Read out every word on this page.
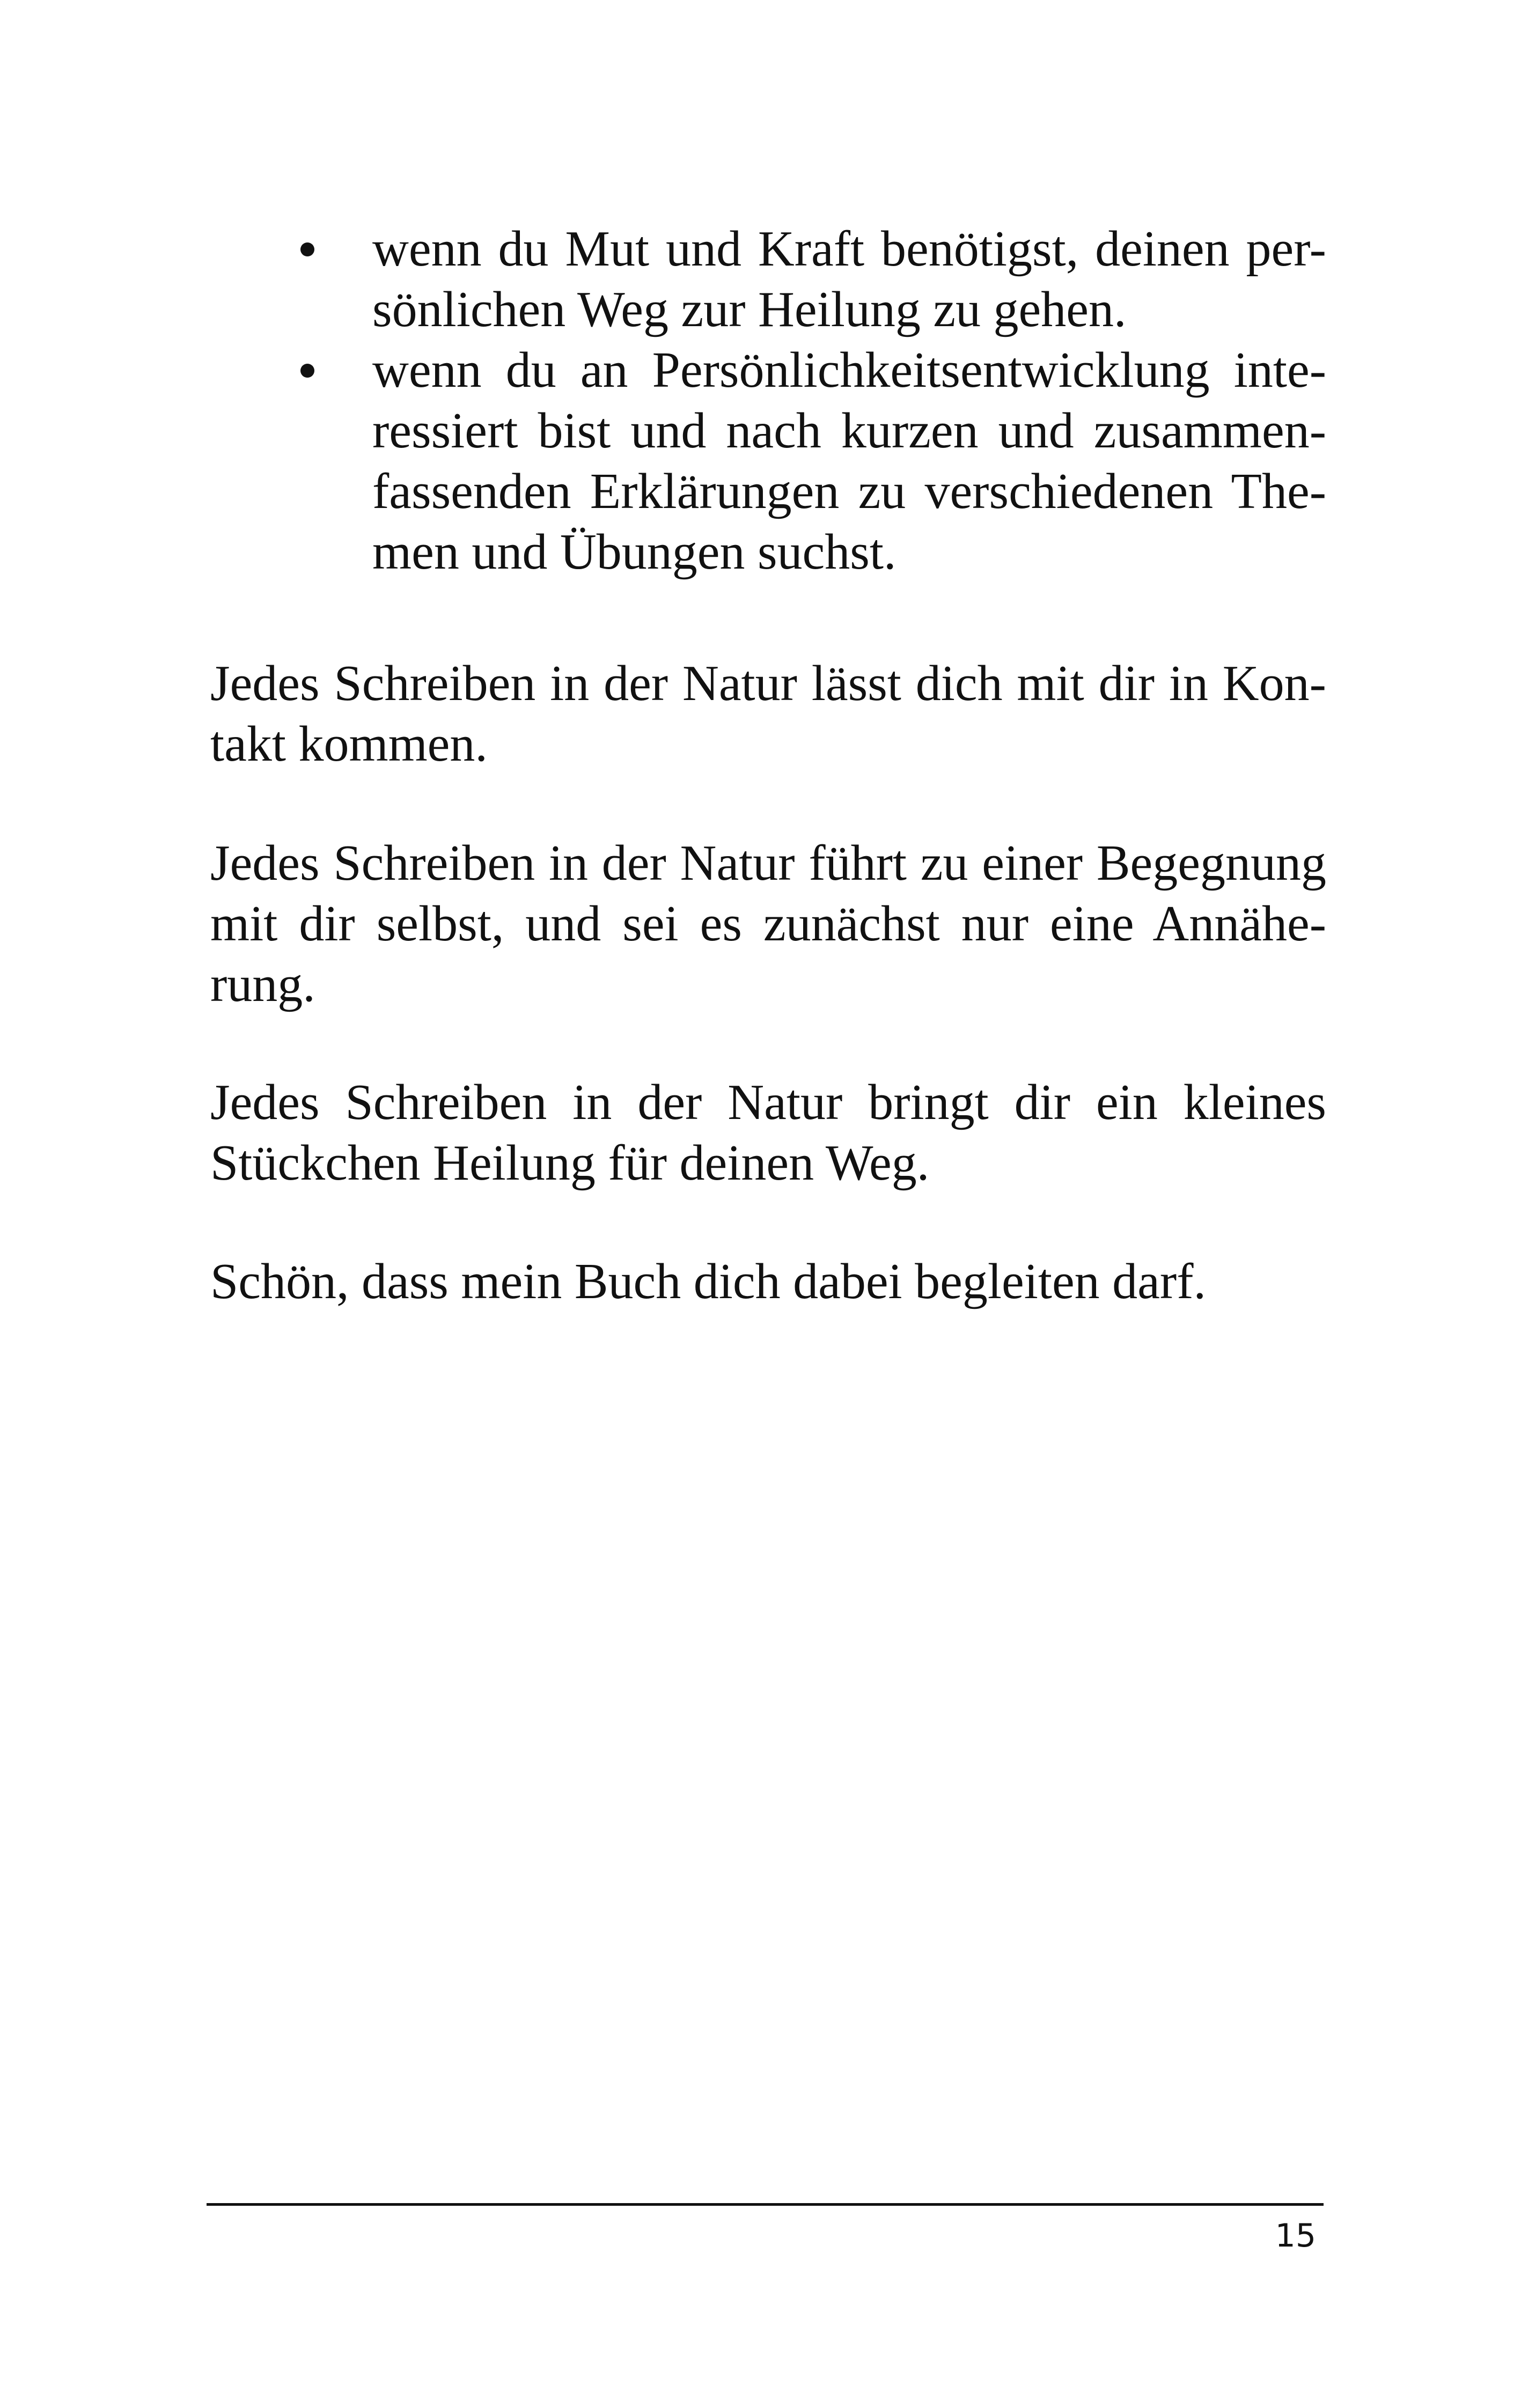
wenn du Mut und Kraft benötigst, deinen per-
sönlichen Weg zur Heilung zu gehen.
wenn du an Persönlichkeitsentwicklung inte-
ressiert bist und nach kurzen und zusammen-
fassenden Erklärungen zu verschiedenen The-
men und Übungen suchst.
Jedes Schreiben in der Natur lässt dich mit dir in Kon-
takt kommen.
Jedes Schreiben in der Natur führt zu einer Begegnung
mit dir selbst, und sei es zunächst nur eine Annähe-
rung.
Jedes Schreiben in der Natur bringt dir ein kleines
Stückchen Heilung für deinen Weg.
Schön, dass mein Buch dich dabei begleiten darf.
15
